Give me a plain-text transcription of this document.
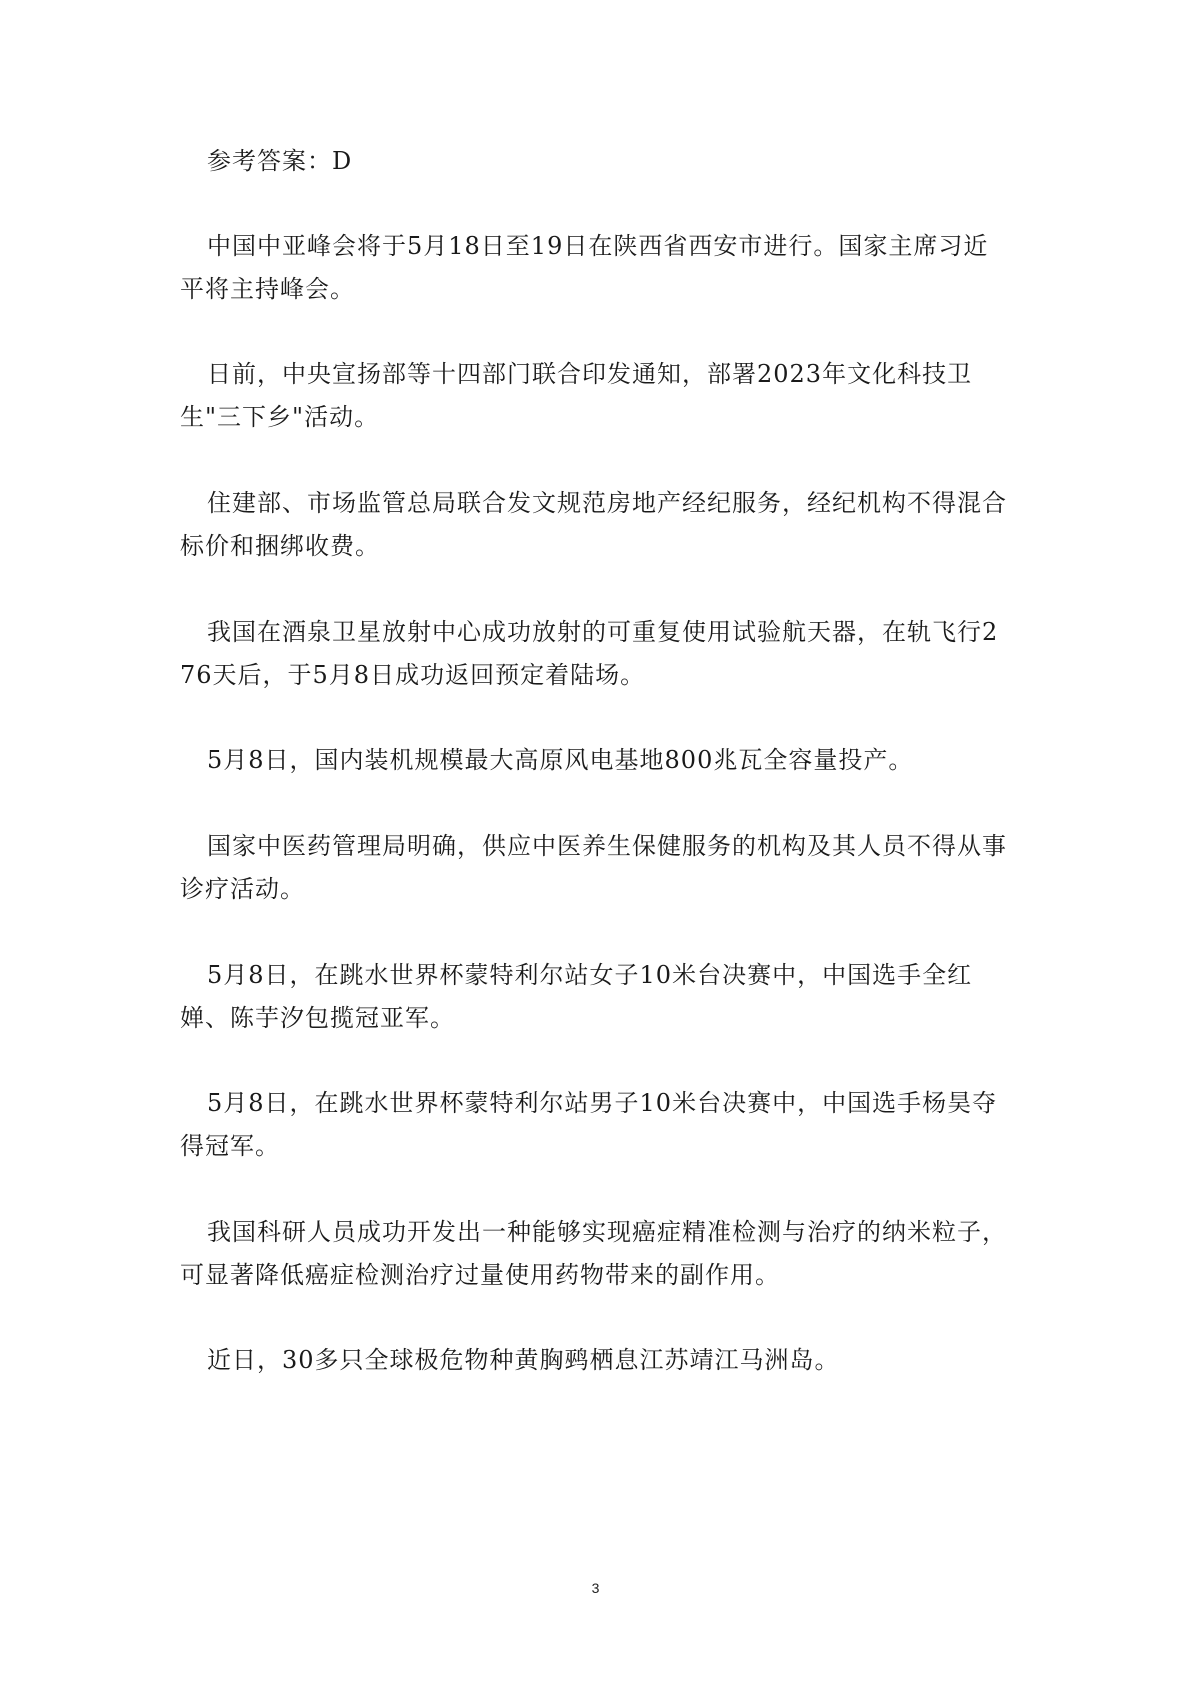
参考答案：D

中国中亚峰会将于5月18日至19日在陕西省西安市进行。国家主席习近平将主持峰会。

日前，中央宣扬部等十四部门联合印发通知，部署2023年文化科技卫生"三下乡"活动。

住建部、市场监管总局联合发文规范房地产经纪服务，经纪机构不得混合标价和捆绑收费。

我国在酒泉卫星放射中心成功放射的可重复使用试验航天器，在轨飞行276天后，于5月8日成功返回预定着陆场。

5月8日，国内装机规模最大高原风电基地800兆瓦全容量投产。

国家中医药管理局明确，供应中医养生保健服务的机构及其人员不得从事诊疗活动。

5月8日，在跳水世界杯蒙特利尔站女子10米台决赛中，中国选手全红婵、陈芋汐包揽冠亚军。

5月8日，在跳水世界杯蒙特利尔站男子10米台决赛中，中国选手杨昊夺得冠军。

我国科研人员成功开发出一种能够实现癌症精准检测与治疗的纳米粒子，可显著降低癌症检测治疗过量使用药物带来的副作用。

近日，30多只全球极危物种黄胸鹀栖息江苏靖江马洲岛。

3
